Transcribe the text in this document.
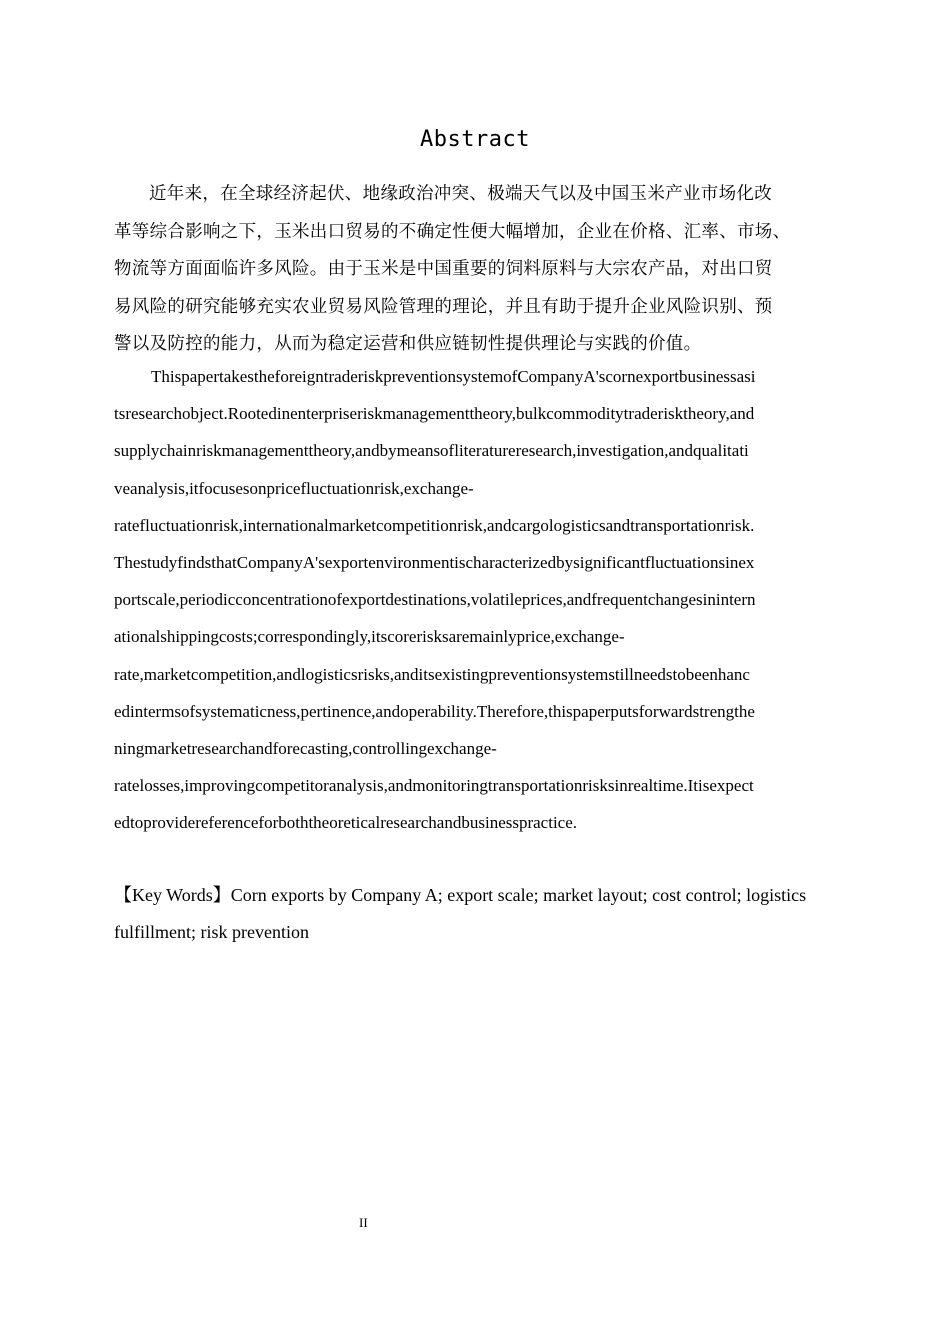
Abstract

近年来，在全球经济起伏、地缘政治冲突、极端天气以及中国玉米产业市场化改
革等综合影响之下，玉米出口贸易的不确定性便大幅增加，企业在价格、汇率、市场、
物流等方面面临许多风险。由于玉米是中国重要的饲料原料与大宗农产品，对出口贸
易风险的研究能够充实农业贸易风险管理的理论，并且有助于提升企业风险识别、预
警以及防控的能力，从而为稳定运营和供应链韧性提供理论与实践的价值。

ThispapertakestheforeigntraderiskpreventionsystemofCompanyA'scornexportbusinessasi
tsresearchobject.Rootedinenterpriseriskmanagementtheory,bulkcommoditytraderisktheory,and
supplychainriskmanagementtheory,andbymeansofliteratureresearch,investigation,andqualitati
veanalysis,itfocusesonpricefluctuationrisk,exchange-
ratefluctuationrisk,internationalmarketcompetitionrisk,andcargologisticsandtransportationrisk.
ThestudyfindsthatCompanyA'sexportenvironmentischaracterizedbysignificantfluctuationsinex
portscale,periodicconcentrationofexportdestinations,volatileprices,andfrequentchangesinintern
ationalshippingcosts;correspondingly,itscorerisksaremainlyprice,exchange-
rate,marketcompetition,andlogisticsrisks,anditsexistingpreventionsystemstillneedstobeenhanc
edintermsofsystematicness,pertinence,andoperability.Therefore,thispaperputsforwardstrengthe
ningmarketresearchandforecasting,controllingexchange-
ratelosses,improvingcompetitoranalysis,andmonitoringtransportationrisksinrealtime.Itisexpect
edtoprovidereferenceforboththeoreticalresearchandbusinesspractice.

【Key Words】Corn exports by Company A; export scale; market layout; cost control; logistics
fulfillment; risk prevention

II
